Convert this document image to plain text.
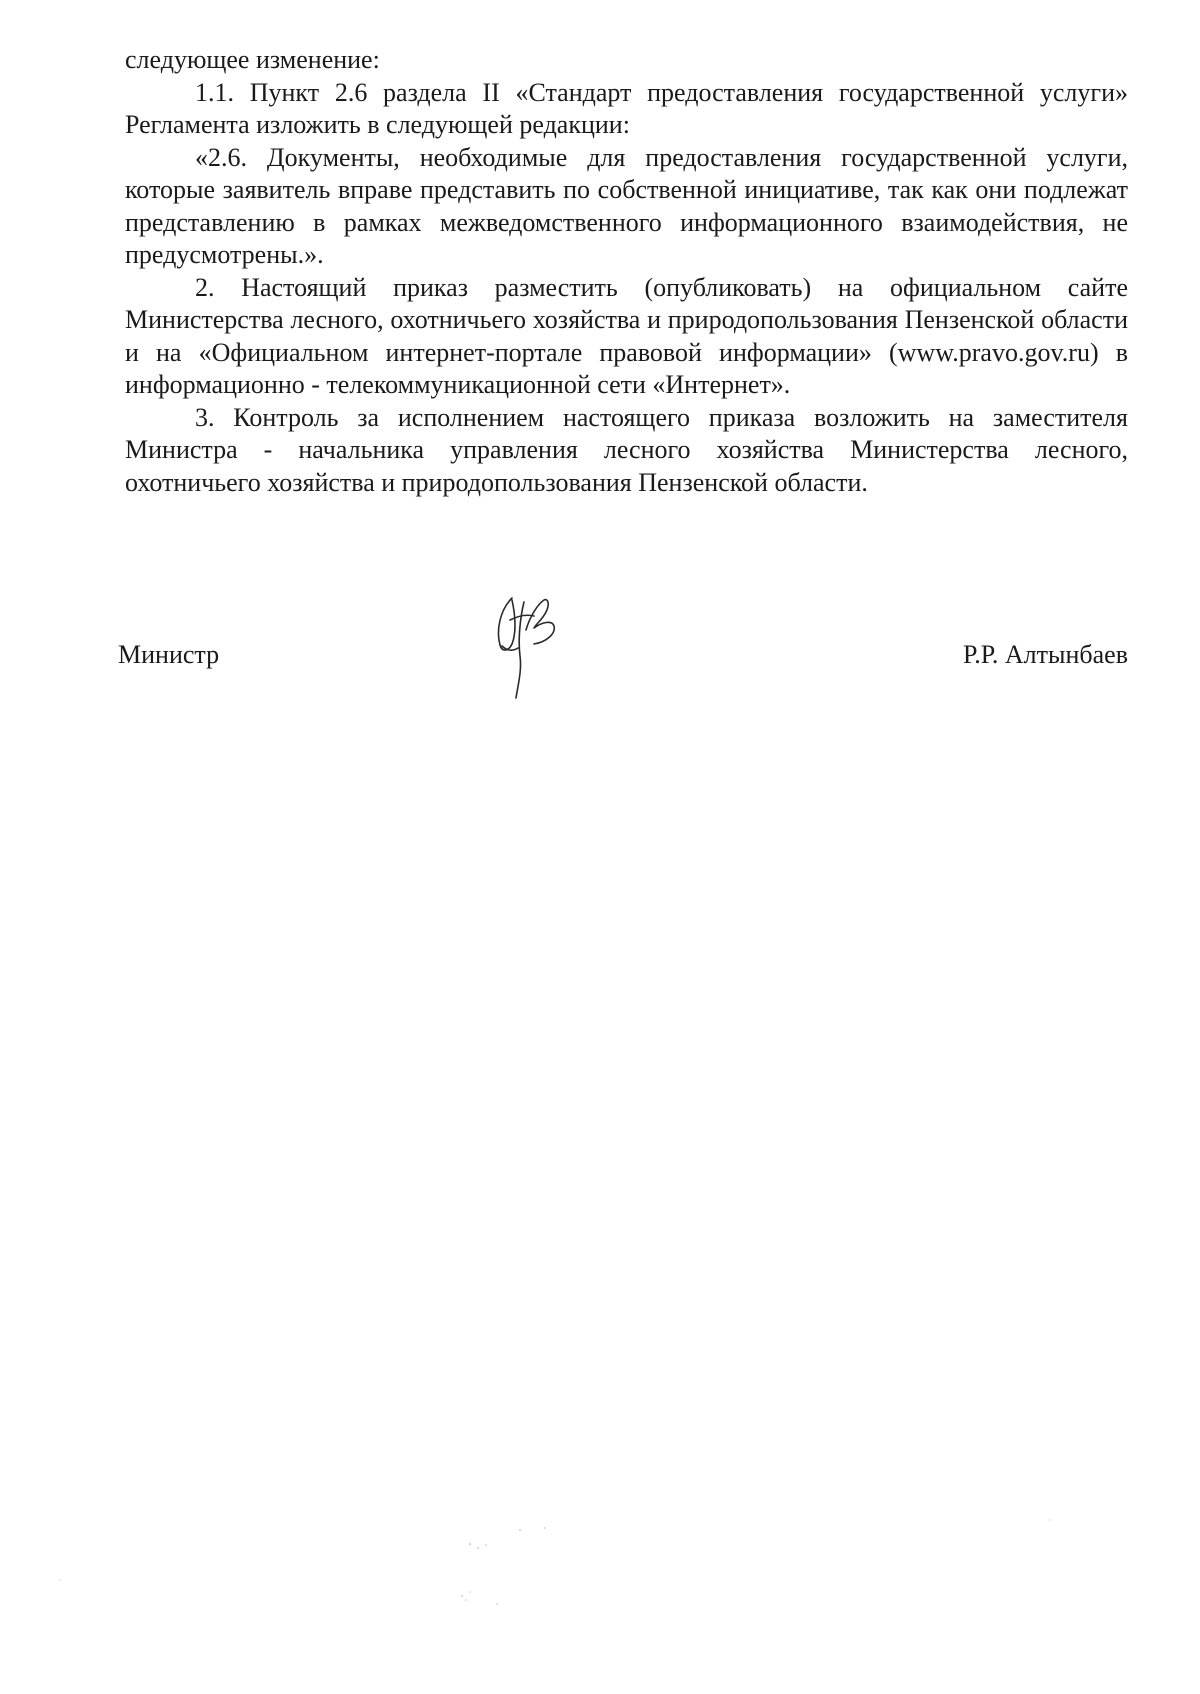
следующее изменение:

1.1. Пункт 2.6 раздела II «Стандарт предоставления государственной услуги» Регламента изложить в следующей редакции:

«2.6. Документы, необходимые для предоставления государственной услуги, которые заявитель вправе представить по собственной инициативе, так как они подлежат представлению в рамках межведомственного информационного взаимодействия, не предусмотрены.».

2. Настоящий приказ разместить (опубликовать) на официальном сайте Министерства лесного, охотничьего хозяйства и природопользования Пензенской области и на «Официальном интернет-портале правовой информации» (www.pravo.gov.ru) в информационно - телекоммуникационной сети «Интернет».

3. Контроль за исполнением настоящего приказа возложить на заместителя Министра - начальника управления лесного хозяйства Министерства лесного, охотничьего хозяйства и природопользования Пензенской области.

Министр	Р.Р. Алтынбаев
